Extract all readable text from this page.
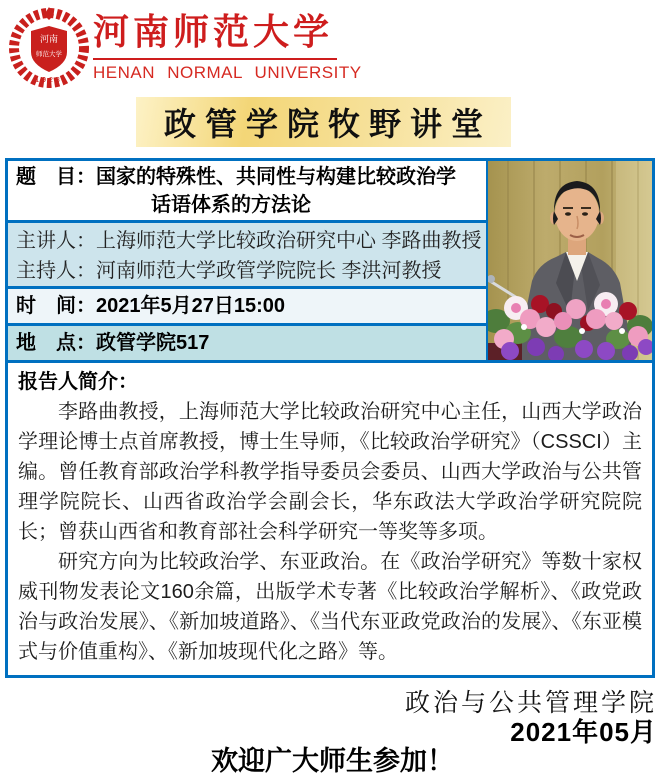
河南
师范大学
1923
河南师范大学
HENAN NORMAL UNIVERSITY
政管学院牧野讲堂
题　目：国家的特殊性、共同性与构建比较政治学
话语体系的方法论
主讲人：上海师范大学比较政治研究中心 李路曲教授
主持人：河南师范大学政管学院院长 李洪河教授
时　间：2021年5月27日15:00
地　点：政管学院517
报告人简介：

李路曲教授，上海师范大学比较政治研究中心主任，山西大学政治学理论博士点首席教授，博士生导师，《比较政治学研究》（CSSCI）主编。曾任教育部政治学科教学指导委员会委员、山西大学政治与公共管理学院院长、山西省政治学会副会长，华东政法大学政治学研究院院长；曾获山西省和教育部社会科学研究一等奖等多项。

研究方向为比较政治学、东亚政治。在《政治学研究》等数十家权威刊物发表论文160余篇，出版学术专著《比较政治学解析》、《政党政治与政治发展》、《新加坡道路》、《当代东亚政党政治的发展》、《东亚模式与价值重构》、《新加坡现代化之路》等。

政治与公共管理学院
2021年05月
欢迎广大师生参加！
